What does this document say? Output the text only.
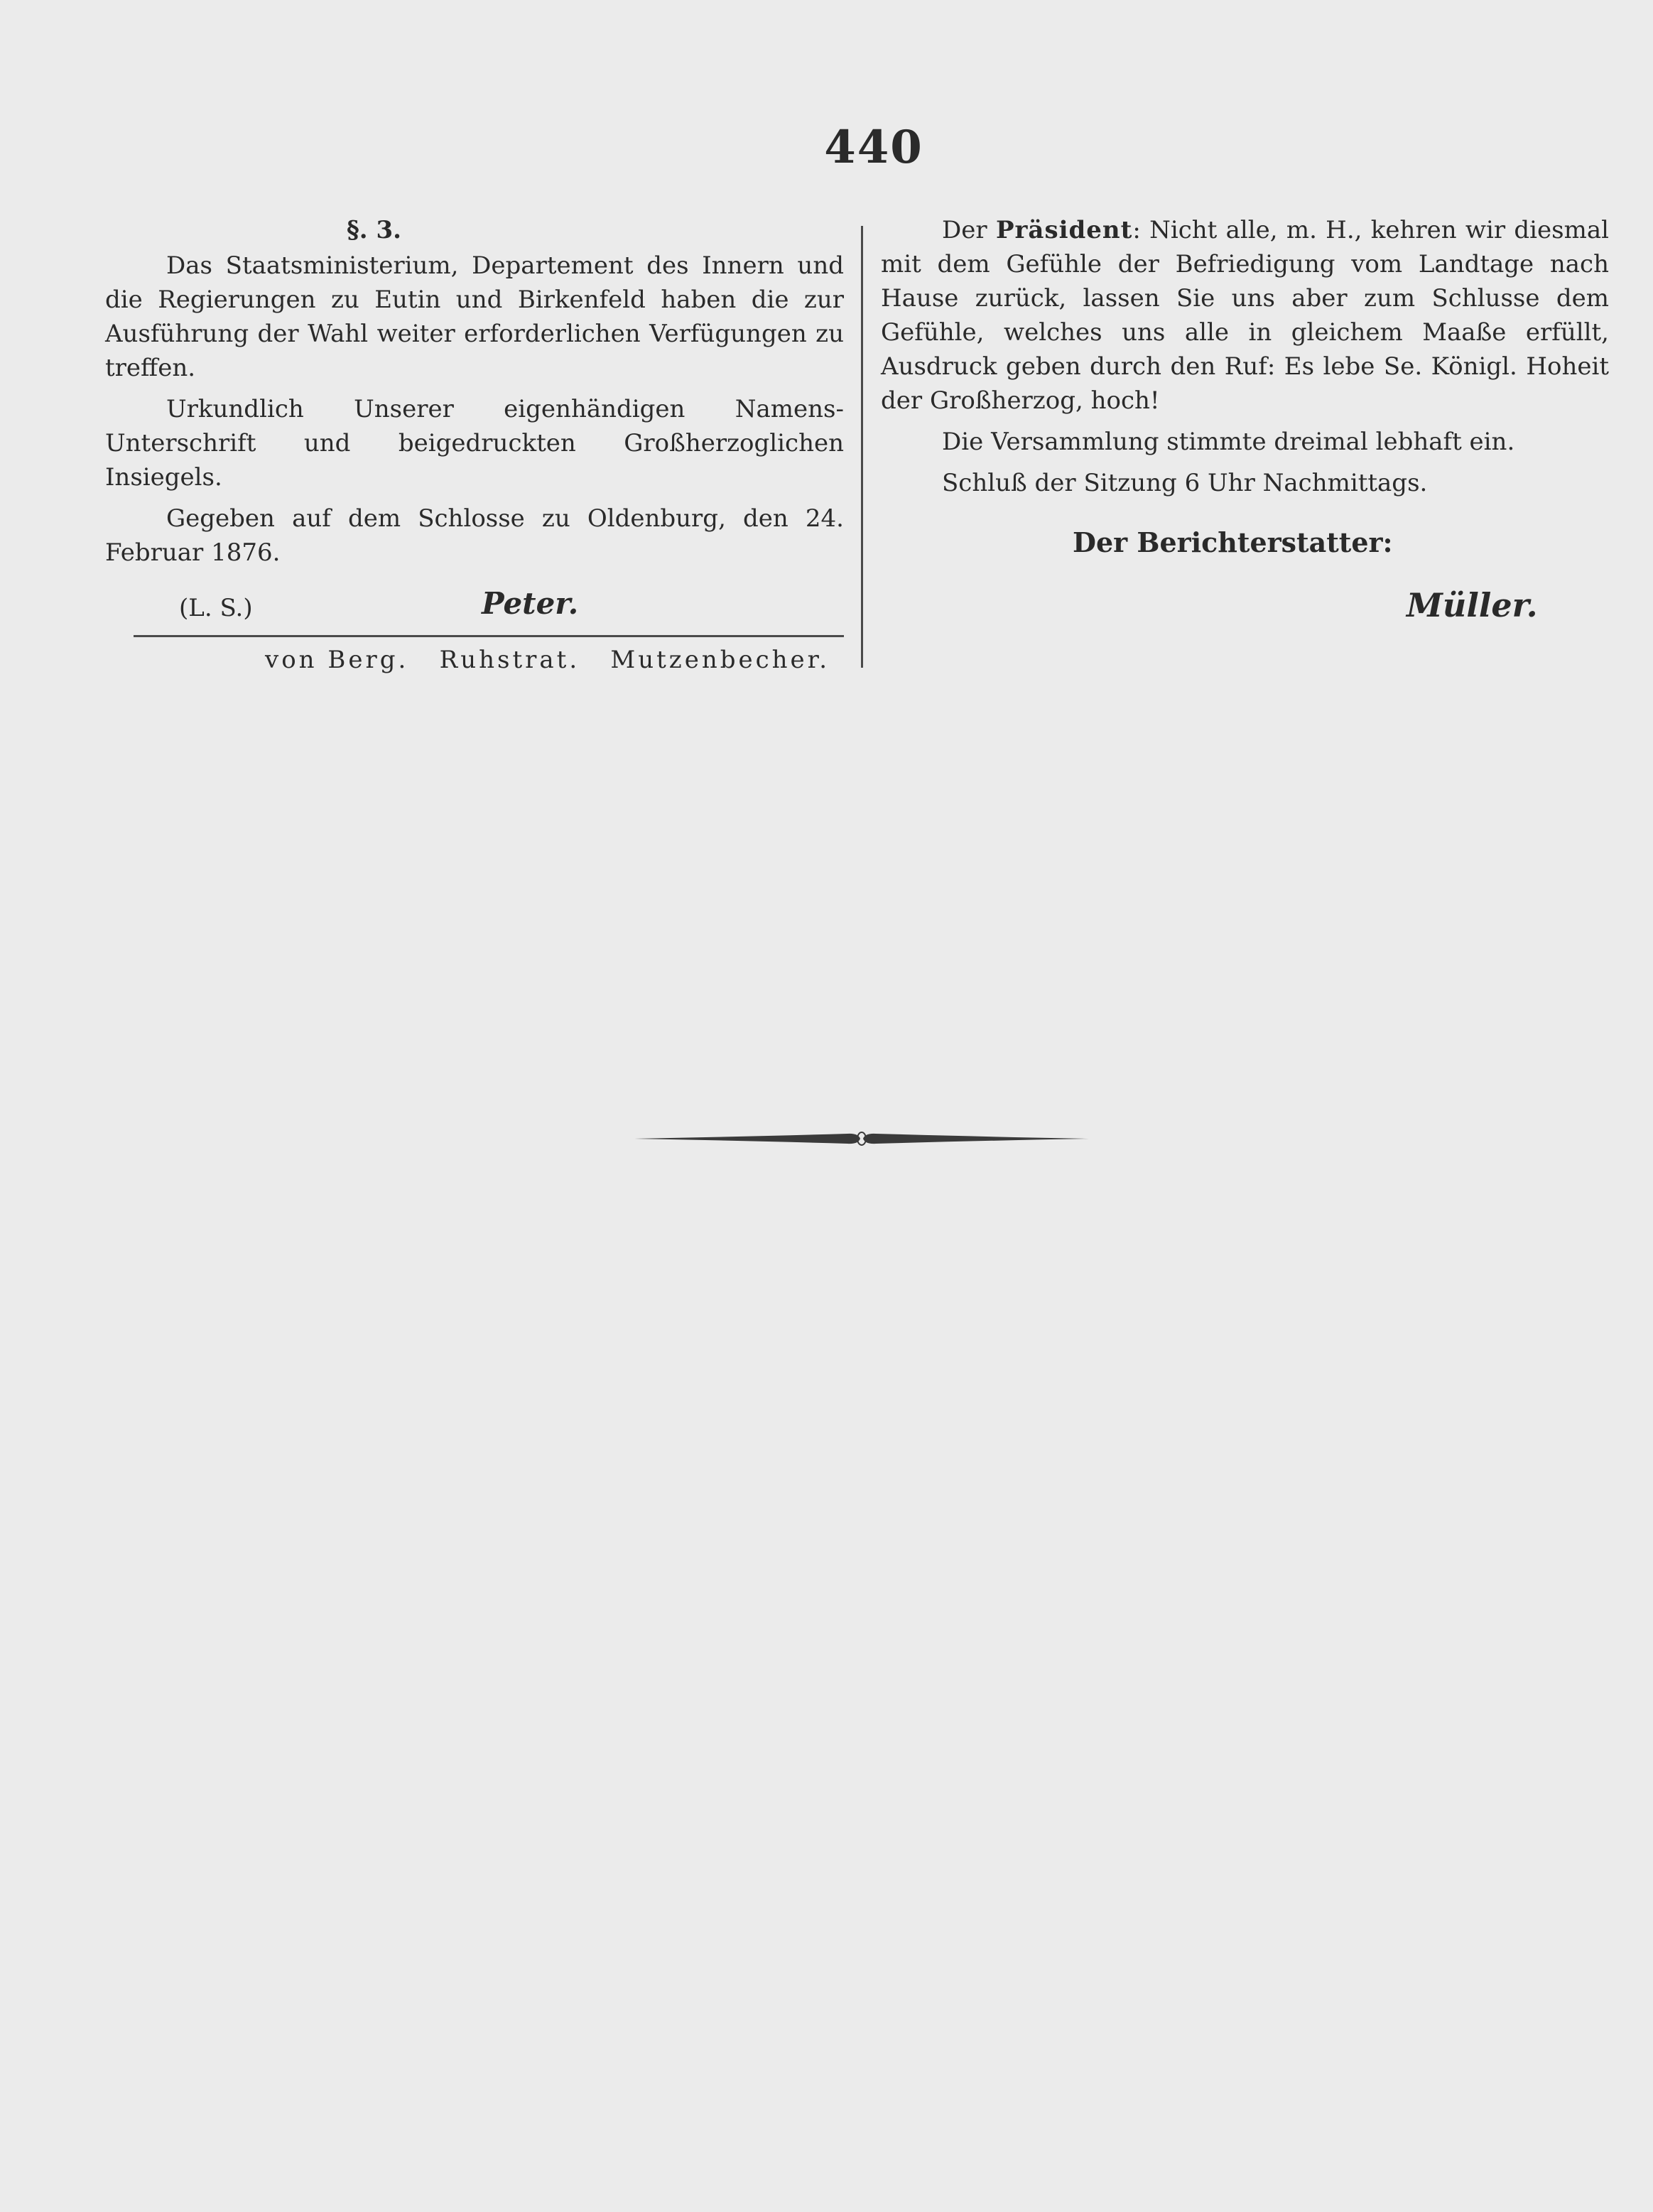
440
§. 3.

Das Staatsministerium, Departement des Innern und die Regierungen zu Eutin und Birkenfeld haben die zur Ausführung der Wahl weiter erforderlichen Verfügungen zu treffen.

Urkundlich Unserer eigenhändigen Namens-Unterschrift und beigedruckten Großherzoglichen Insiegels.

Gegeben auf dem Schlosse zu Oldenburg, den 24. Februar 1876.

(L. S.)	Peter.
von Berg. Ruhstrat. Mutzenbecher.

Der Präsident: Nicht alle, m. H., kehren wir diesmal mit dem Gefühle der Befriedigung vom Landtage nach Hause zurück, lassen Sie uns aber zum Schlusse dem Gefühle, welches uns alle in gleichem Maaße erfüllt, Ausdruck geben durch den Ruf: Es lebe Se. Königl. Hoheit der Großherzog, hoch!

Die Versammlung stimmte dreimal lebhaft ein.

Schluß der Sitzung 6 Uhr Nachmittags.

Der Berichterstatter:
Müller.
